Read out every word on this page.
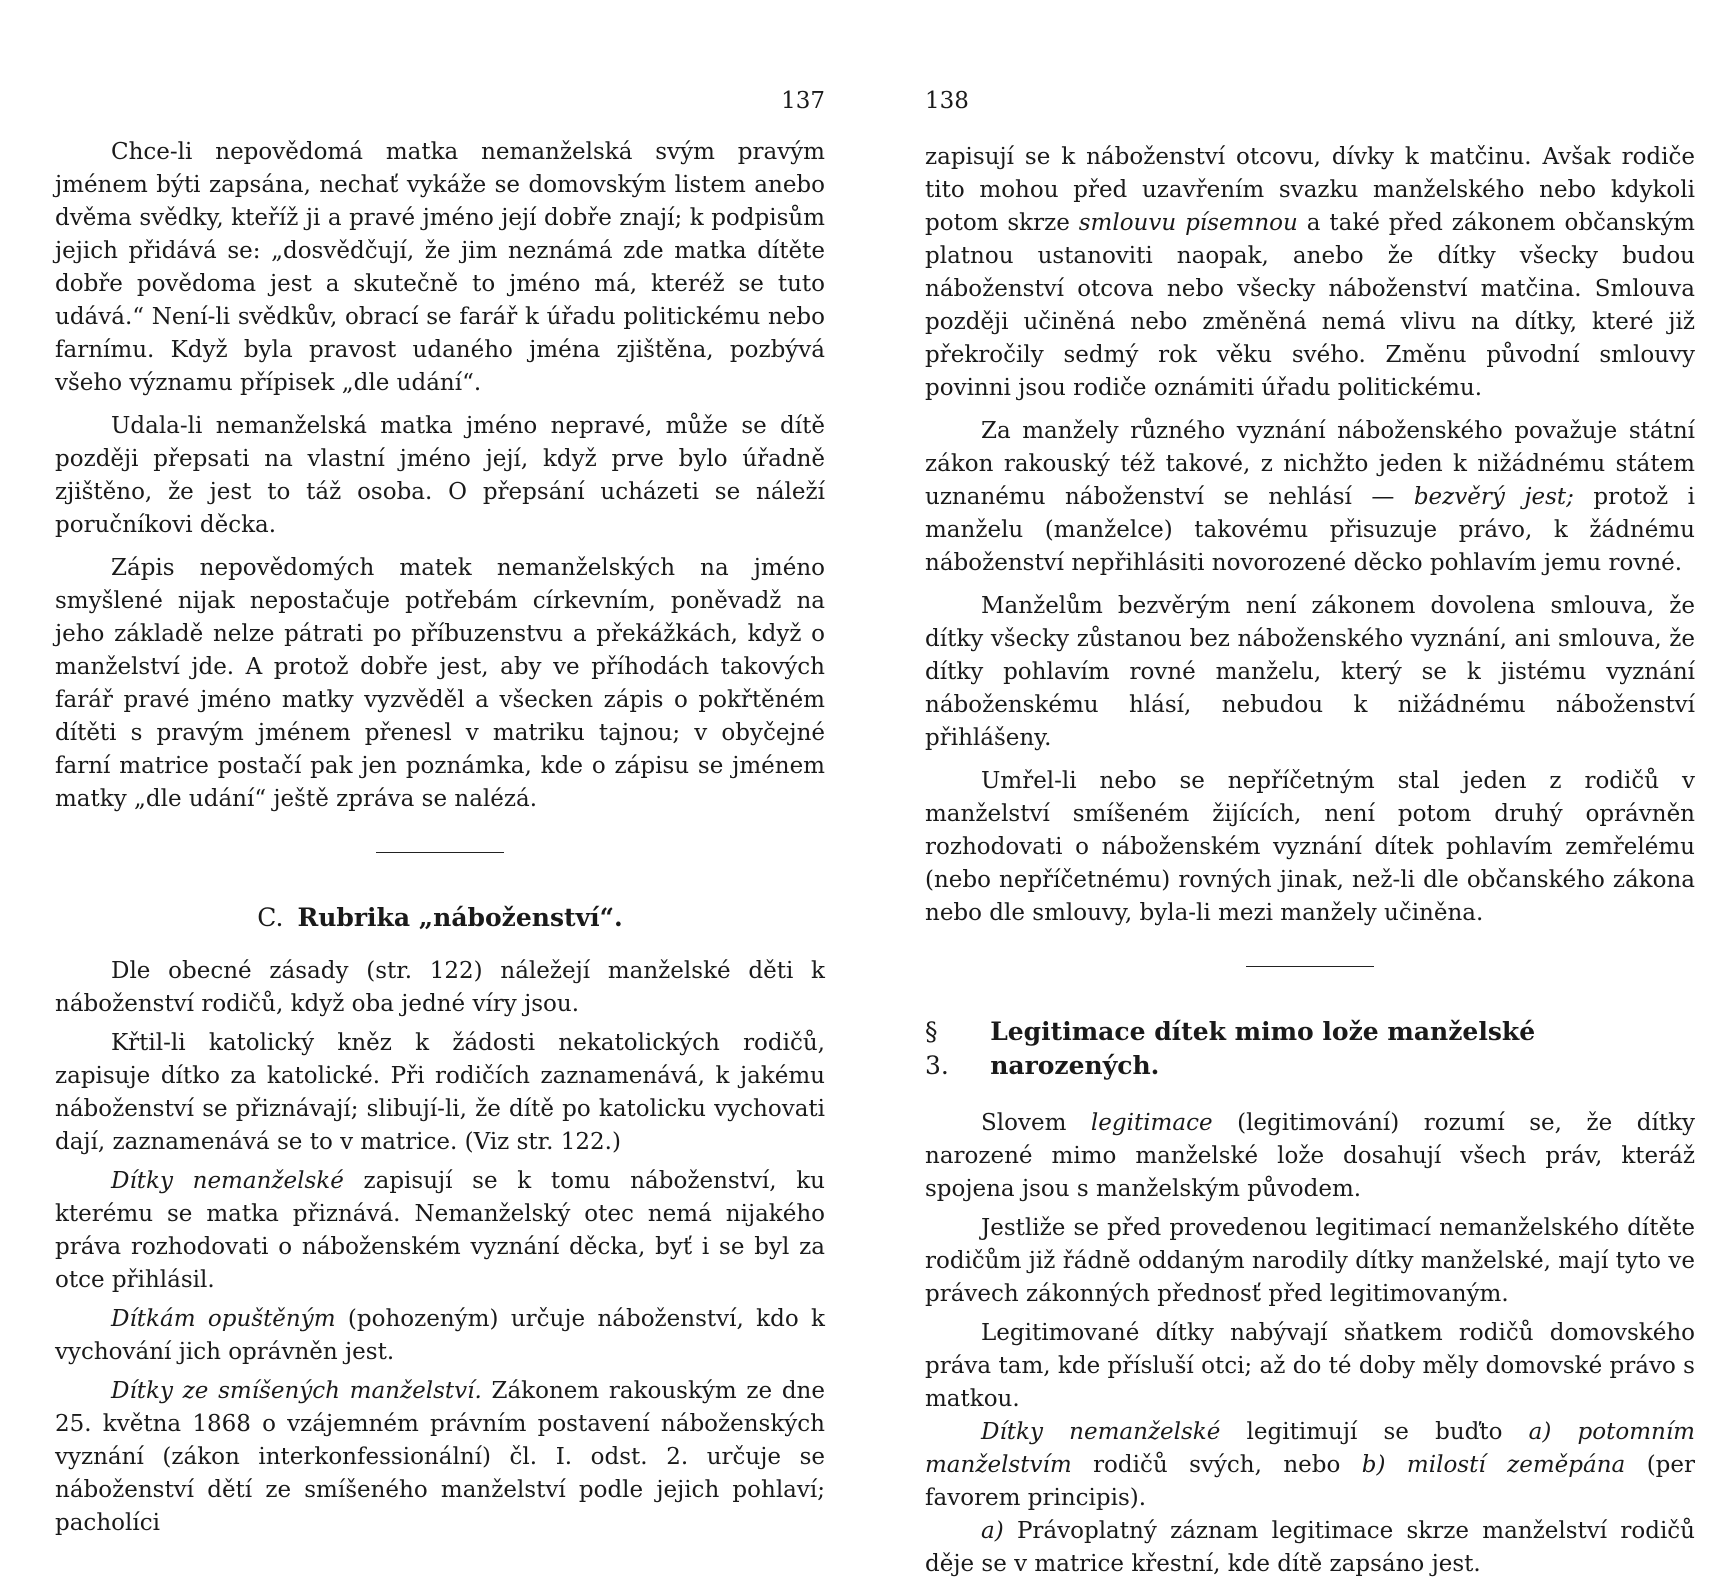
137

Chce-li nepovědomá matka nemanželská svým pravým jménem býti zapsána, nechať vykáže se domovským listem anebo dvěma svědky, kteříž ji a pravé jméno její dobře znají; k podpisům jejich přidává se: „dosvědčují, že jim neznámá zde matka dítěte dobře povědoma jest a skutečně to jméno má, kteréž se tuto udává.“ Není-li svědkův, obrací se farář k úřadu politickému nebo farnímu. Když byla pravost udaného jména zjištěna, pozbývá všeho významu přípisek „dle udání“.

Udala-li nemanželská matka jméno nepravé, může se dítě později přepsati na vlastní jméno její, když prve bylo úřadně zjištěno, že jest to táž osoba. O přepsání ucházeti se náleží poručníkovi děcka.

Zápis nepovědomých matek nemanželských na jméno smyšlené nijak nepostačuje potřebám církevním, poněvadž na jeho základě nelze pátrati po příbuzenstvu a překážkách, když o manželství jde. A protož dobře jest, aby ve příhodách takových farář pravé jméno matky vyzvěděl a všecken zápis o pokřtěném dítěti s pravým jménem přenesl v matriku tajnou; v obyčejné farní matrice postačí pak jen poznámka, kde o zápisu se jménem matky „dle udání“ ještě zpráva se nalézá.

C. Rubrika „náboženství“.

Dle obecné zásady (str. 122) náležejí manželské děti k náboženství rodičů, když oba jedné víry jsou.

Křtil-li katolický kněz k žádosti nekatolických rodičů, zapisuje dítko za katolické. Při rodičích zaznamenává, k jakému náboženství se přiznávají; slibují-li, že dítě po katolicku vychovati dají, zaznamenává se to v matrice. (Viz str. 122.)

Dítky nemanželské zapisují se k tomu náboženství, ku kterému se matka přiznává. Nemanželský otec nemá nijakého práva rozhodovati o náboženském vyznání děcka, byť i se byl za otce přihlásil.

Dítkám opuštěným (pohozeným) určuje náboženství, kdo k vychování jich oprávněn jest.

Dítky ze smíšených manželství. Zákonem rakouským ze dne 25. května 1868 o vzájemném právním postavení náboženských vyznání (zákon interkonfessionální) čl. I. odst. 2. určuje se náboženství dětí ze smíšeného manželství podle jejich pohlaví; pacholíci

138

zapisují se k náboženství otcovu, dívky k matčinu. Avšak rodiče tito mohou před uzavřením svazku manželského nebo kdykoli potom skrze smlouvu písemnou a také před zákonem občanským platnou ustanoviti naopak, anebo že dítky všecky budou náboženství otcova nebo všecky náboženství matčina. Smlouva později učiněná nebo změněná nemá vlivu na dítky, které již překročily sedmý rok věku svého. Změnu původní smlouvy povinni jsou rodiče oznámiti úřadu politickému.

Za manžely různého vyznání náboženského považuje státní zákon rakouský též takové, z nichžto jeden k nižádnému státem uznanému náboženství se nehlásí — bezvěrý jest; protož i manželu (manželce) takovému přisuzuje právo, k žádnému náboženství nepřihlásiti novorozené děcko pohlavím jemu rovné.

Manželům bezvěrým není zákonem dovolena smlouva, že dítky všecky zůstanou bez náboženského vyznání, ani smlouva, že dítky pohlavím rovné manželu, který se k jistému vyznání náboženskému hlásí, nebudou k nižádnému náboženství přihlášeny.

Umřel-li nebo se nepříčetným stal jeden z rodičů v manželství smíšeném žijících, není potom druhý oprávněn rozhodovati o náboženském vyznání dítek pohlavím zemřelému (nebo nepříčetnému) rovných jinak, než-li dle občanského zákona nebo dle smlouvy, byla-li mezi manžely učiněna.

§ 3.
Legitimace dítek mimo lože manželské narozených.

Slovem legitimace (legitimování) rozumí se, že dítky narozené mimo manželské lože dosahují všech práv, kteráž spojena jsou s manželským původem.

Jestliže se před provedenou legitimací nemanželského dítěte rodičům již řádně oddaným narodily dítky manželské, mají tyto ve právech zákonných přednosť před legitimovaným.

Legitimované dítky nabývají sňatkem rodičů domovského práva tam, kde přísluší otci; až do té doby měly domovské právo s matkou.

Dítky nemanželské legitimují se buďto a) potomním manželstvím rodičů svých, nebo b) milostí zeměpána (per favorem principis).

a) Právoplatný záznam legitimace skrze manželství rodičů děje se v matrice křestní, kde dítě zapsáno jest.
